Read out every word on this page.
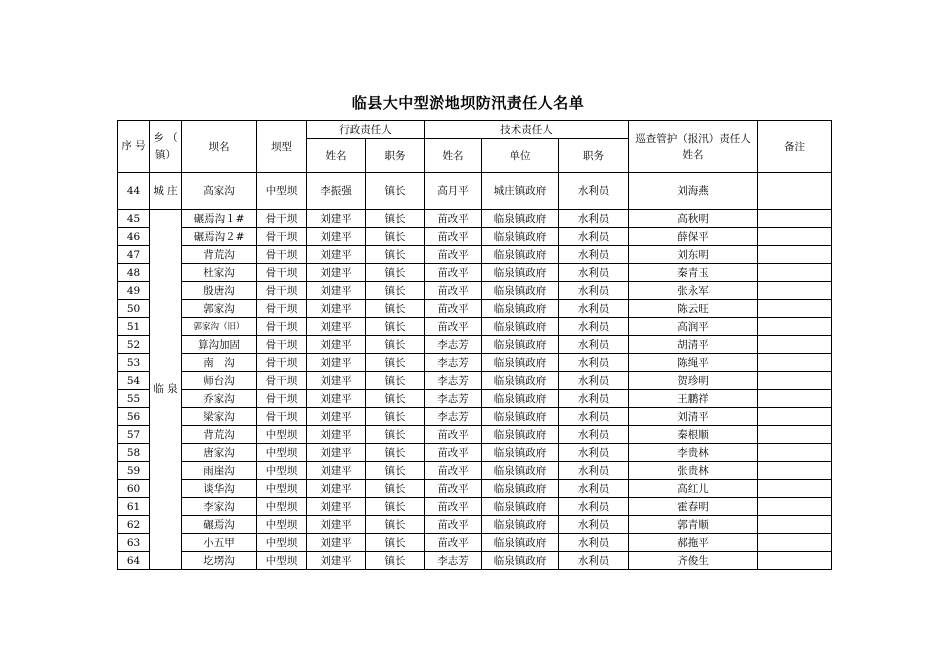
临县大中型淤地坝防汛责任人名单
序 号	乡 （ 镇）	坝名	坝型	行政责任人		技术责任人			巡查管护（报汛）责任人 姓名	备注
				姓名	职务	姓名	单位	职务		
44	城 庄	高家沟	中型坝	李振强	镇长	高月平	城庄镇政府	水利员	刘海燕	
45	临 泉	碾焉沟１#	骨干坝	刘建平	镇长	苗改平	临泉镇政府	水利员	高秋明	
46		碾焉沟２#	骨干坝	刘建平	镇长	苗改平	临泉镇政府	水利员	薛保平	
47		背荒沟	骨干坝	刘建平	镇长	苗改平	临泉镇政府	水利员	刘东明	
48		杜家沟	骨干坝	刘建平	镇长	苗改平	临泉镇政府	水利员	秦青玉	
49		殷唐沟	骨干坝	刘建平	镇长	苗改平	临泉镇政府	水利员	张永军	
50		郭家沟	骨干坝	刘建平	镇长	苗改平	临泉镇政府	水利员	陈云旺	
51		郭家沟（旧）	骨干坝	刘建平	镇长	苗改平	临泉镇政府	水利员	高润平	
52		算沟加固	骨干坝	刘建平	镇长	李志芳	临泉镇政府	水利员	胡清平	
53		南　沟	骨干坝	刘建平	镇长	李志芳	临泉镇政府	水利员	陈绳平	
54		师台沟	骨干坝	刘建平	镇长	李志芳	临泉镇政府	水利员	贺珍明	
55		乔家沟	骨干坝	刘建平	镇长	李志芳	临泉镇政府	水利员	王鹏祥	
56		梁家沟	骨干坝	刘建平	镇长	李志芳	临泉镇政府	水利员	刘清平	
57		背荒沟	中型坝	刘建平	镇长	苗改平	临泉镇政府	水利员	秦根顺	
58		唐家沟	中型坝	刘建平	镇长	苗改平	临泉镇政府	水利员	李贵林	
59		雨崖沟	中型坝	刘建平	镇长	苗改平	临泉镇政府	水利员	张贵林	
60		谈华沟	中型坝	刘建平	镇长	苗改平	临泉镇政府	水利员	高红儿	
61		李家沟	中型坝	刘建平	镇长	苗改平	临泉镇政府	水利员	霍春明	
62		碾焉沟	中型坝	刘建平	镇长	苗改平	临泉镇政府	水利员	郭青顺	
63		小五甲	中型坝	刘建平	镇长	苗改平	临泉镇政府	水利员	郝拖平	
64		圪塄沟	中型坝	刘建平	镇长	李志芳	临泉镇政府	水利员	齐俊生	
